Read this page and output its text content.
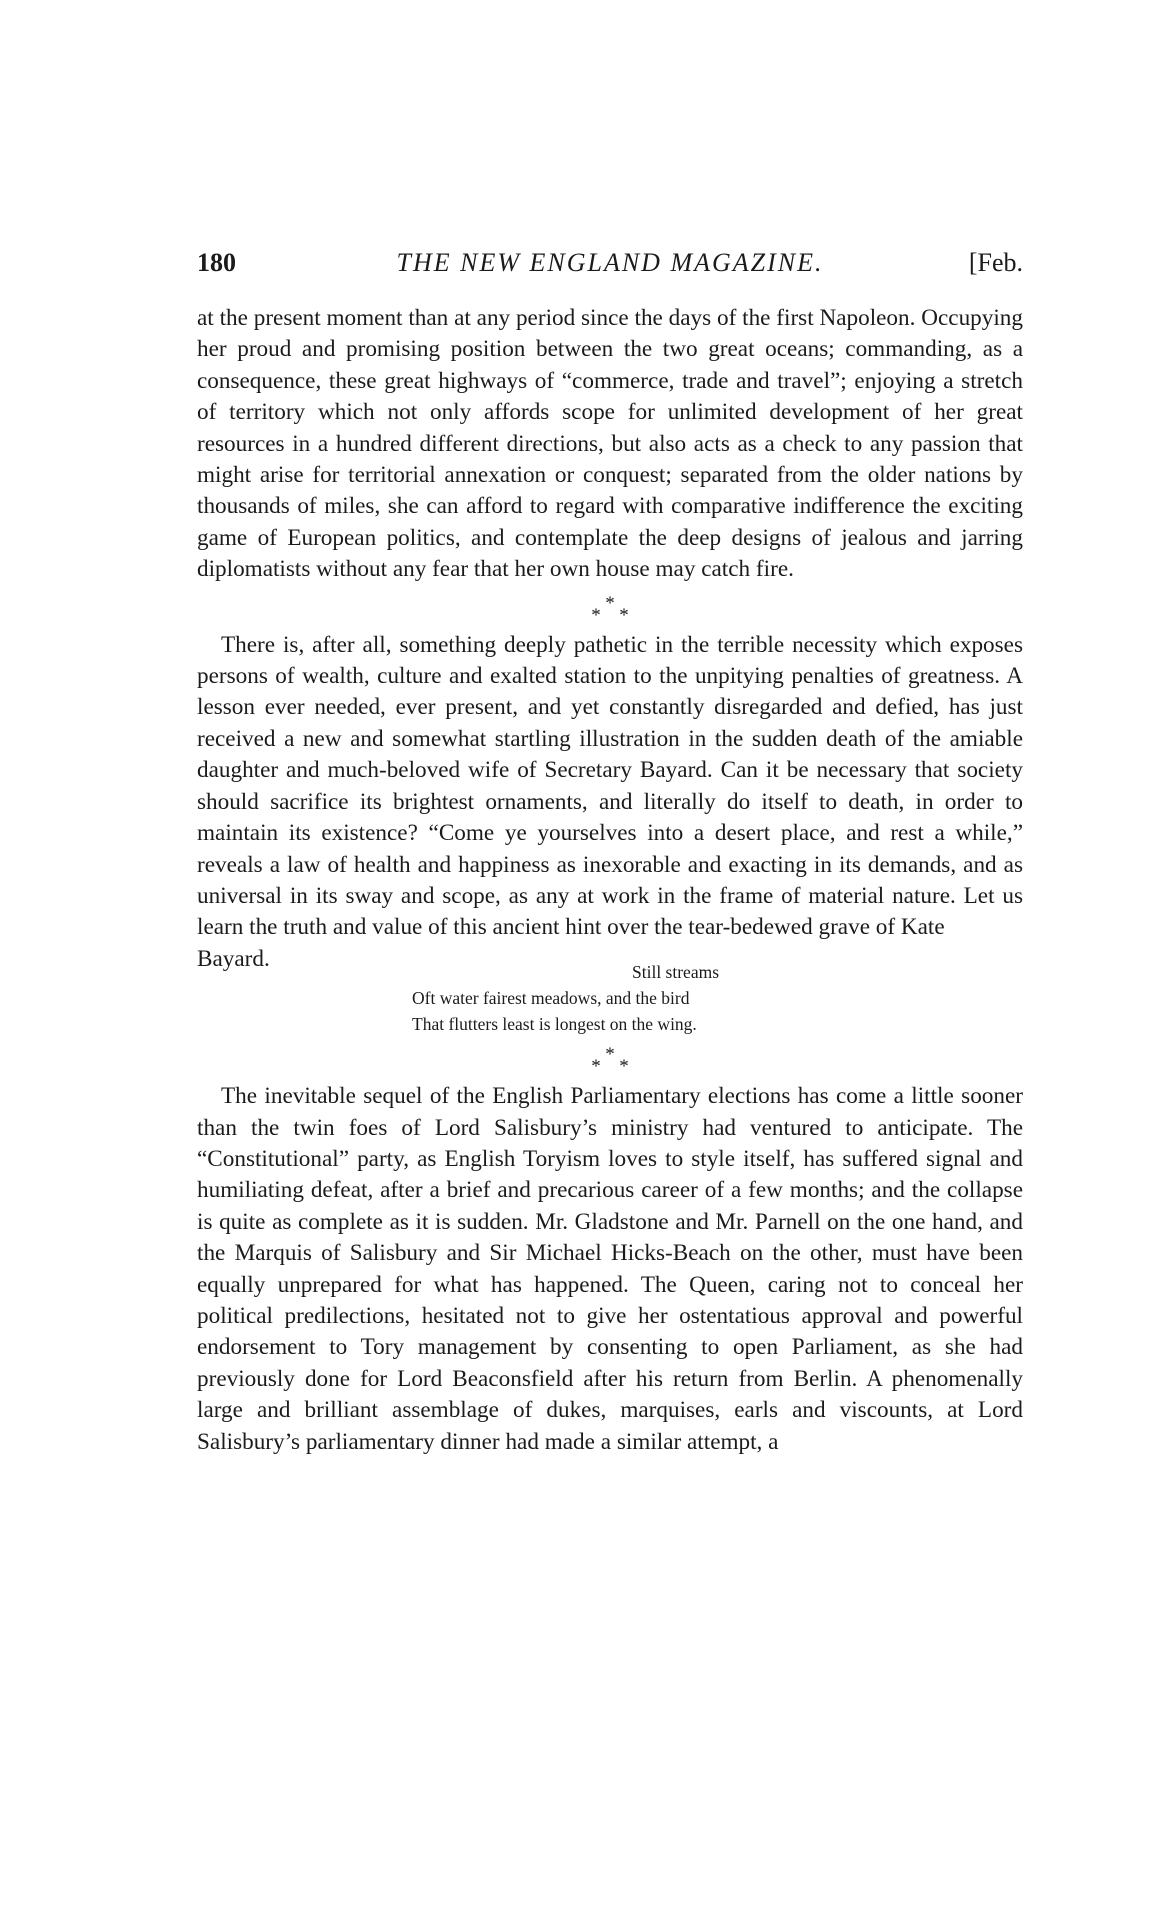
180	THE NEW ENGLAND MAGAZINE.	[Feb.

at the present moment than at any period since the days of the first Napoleon. Occupying her proud and promising position between the two great oceans; commanding, as a consequence, these great highways of “commerce, trade and travel”; enjoying a stretch of territory which not only affords scope for unlimited development of her great resources in a hundred different directions, but also acts as a check to any passion that might arise for territorial annexation or conquest; separated from the older nations by thousands of miles, she can afford to regard with comparative indifference the exciting game of European politics, and contemplate the deep designs of jealous and jarring diplomatists without any fear that her own house may catch fire.

*
* *

There is, after all, something deeply pathetic in the terrible necessity which exposes persons of wealth, culture and exalted station to the unpitying penalties of greatness. A lesson ever needed, ever present, and yet constantly disregarded and defied, has just received a new and somewhat startling illustration in the sudden death of the amiable daughter and much-beloved wife of Secretary Bayard. Can it be necessary that society should sacrifice its brightest ornaments, and literally do itself to death, in order to maintain its existence? “Come ye yourselves into a desert place, and rest a while,” reveals a law of health and happiness as inexorable and exacting in its demands, and as universal in its sway and scope, as any at work in the frame of material nature. Let us learn the truth and value of this ancient hint over the tear-bedewed grave of Kate

Bayard.

Still streams
Oft water fairest meadows, and the bird
That flutters least is longest on the wing.
*
* *

The inevitable sequel of the English Parliamentary elections has come a little sooner than the twin foes of Lord Salisbury’s ministry had ventured to anticipate. The “Constitutional” party, as English Toryism loves to style itself, has suffered signal and humiliating defeat, after a brief and precarious career of a few months; and the collapse is quite as complete as it is sudden. Mr. Gladstone and Mr. Parnell on the one hand, and the Marquis of Salisbury and Sir Michael Hicks-Beach on the other, must have been equally unprepared for what has happened. The Queen, caring not to conceal her political predilections, hesitated not to give her ostentatious approval and powerful endorsement to Tory management by consenting to open Parliament, as she had previously done for Lord Beaconsfield after his return from Berlin. A phenomenally large and brilliant assemblage of dukes, marquises, earls and viscounts, at Lord Salisbury’s parliamentary dinner had made a similar attempt, a
